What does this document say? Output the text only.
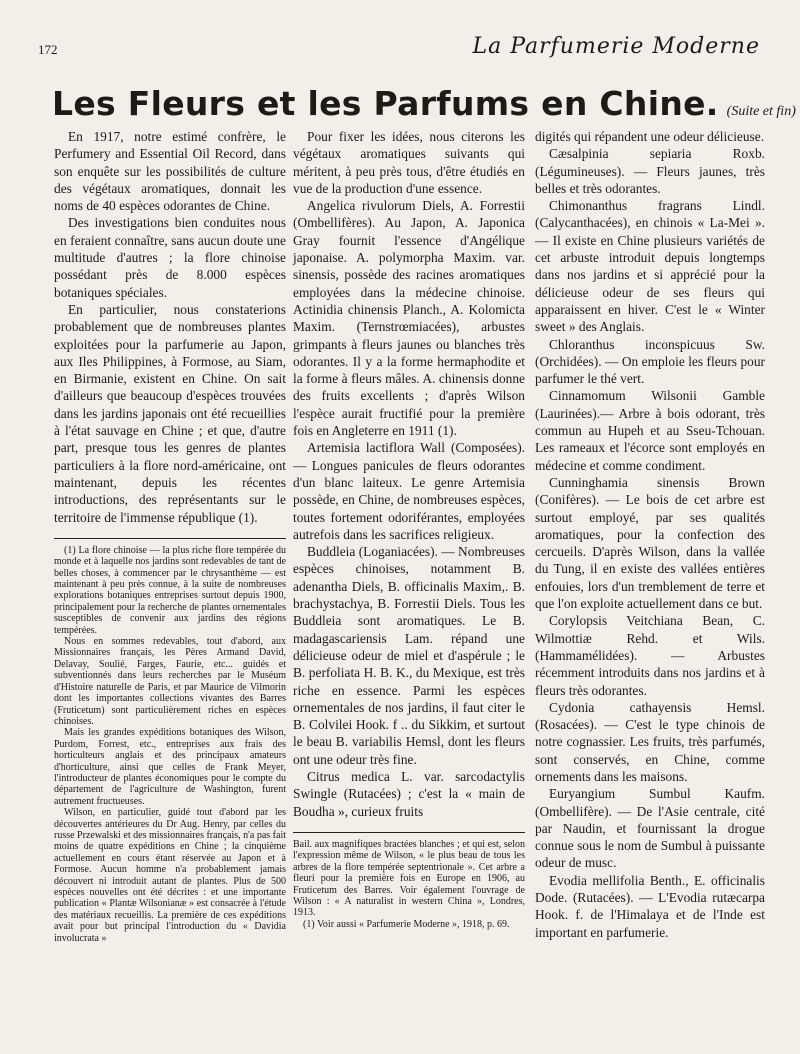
172	La Parfumerie Moderne
Les Fleurs et les Parfums en Chine. (Suite et fin)

En 1917, notre estimé confrère, le Perfumery and Essential Oil Record, dans son enquête sur les possibilités de culture des végétaux aromatiques, donnait les noms de 40 espèces odorantes de Chine.

Des investigations bien conduites nous en feraient connaître, sans aucun doute une multitude d'autres ; la flore chinoise possédant près de 8.000 espèces botaniques spéciales.

En particulier, nous constaterions probablement que de nombreuses plantes exploitées pour la parfumerie au Japon, aux Iles Philippines, à Formose, au Siam, en Birmanie, existent en Chine. On sait d'ailleurs que beaucoup d'espèces trouvées dans les jardins japonais ont été recueillies à l'état sauvage en Chine ; et que, d'autre part, presque tous les genres de plantes particuliers à la flore nord-américaine, ont maintenant, depuis les récentes introductions, des représentants sur le territoire de l'immense république (1).

(1) La flore chinoise — la plus riche flore tempérée du monde et à laquelle nos jardins sont redevables de tant de belles choses, à commencer par le chrysanthème — est maintenant à peu près connue, à la suite de nombreuses explorations botaniques entreprises surtout depuis 1900, principalement pour la recherche de plantes ornementales susceptibles de convenir aux jardins des régions tempérées.

Nous en sommes redevables, tout d'abord, aux Missionnaires français, les Pères Armand David, Delavay, Soulié, Farges, Faurie, etc... guidés et subventionnés dans leurs recherches par le Muséum d'Histoire naturelle de Paris, et par Maurice de Vilmorin dont les importantes collections vivantes des Barres (Fruticetum) sont particulièrement riches en espèces chinoises.

Mais les grandes expéditions botaniques des Wilson, Purdom, Forrest, etc., entreprises aux frais des horticulteurs anglais et des principaux amateurs d'horticulture, ainsi que celles de Frank Meyer, l'introducteur de plantes économiques pour le compte du département de l'agriculture de Washington, furent autrement fructueuses.

Wilson, en particulier, guidé tout d'abord par les découvertes antérieures du Dr Aug. Henry, par celles du russe Przewalski et des missionnaires français, n'a pas fait moins de quatre expéditions en Chine ; la cinquième actuellement en cours étant réservée au Japon et à Formose. Aucun homme n'a probablement jamais découvert ni introduit autant de plantes. Plus de 500 espèces nouvelles ont été décrites : et une importante publication « Plantæ Wilsonianæ » est consacrée à l'étude des matériaux recueillis. La première de ces expéditions avait pour but principal l'introduction du « Davidia involucrata »

Pour fixer les idées, nous citerons les végétaux aromatiques suivants qui méritent, à peu près tous, d'être étudiés en vue de la production d'une essence.

Angelica rivulorum Diels, A. Forrestii (Ombellifères). Au Japon, A. Japonica Gray fournit l'essence d'Angélique japonaise. A. polymorpha Maxim. var. sinensis, possède des racines aromatiques employées dans la médecine chinoise. Actinidia chinensis Planch., A. Kolomicta Maxim. (Ternstrœmiacées), arbustes grimpants à fleurs jaunes ou blanches très odorantes. Il y a la forme hermaphodite et la forme à fleurs mâles. A. chinensis donne des fruits excellents ; d'après Wilson l'espèce aurait fructifié pour la première fois en Angleterre en 1911 (1).

Artemisia lactiflora Wall (Composées). — Longues panicules de fleurs odorantes d'un blanc laiteux. Le genre Artemisia possède, en Chine, de nombreuses espèces, toutes fortement odoriférantes, employées autrefois dans les sacrifices religieux.

Buddleia (Loganiacées). — Nombreuses espèces chinoises, notamment B. adenantha Diels, B. officinalis Maxim,. B. brachystachya, B. Forrestii Diels. Tous les Buddleia sont aromatiques. Le B. madagascariensis Lam. répand une délicieuse odeur de miel et d'aspérule ; le B. perfoliata H. B. K., du Mexique, est très riche en essence. Parmi les espèces ornementales de nos jardins, il faut citer le B. Colvilei Hook. f .. du Sikkim, et surtout le beau B. variabilis Hemsl, dont les fleurs ont une odeur très fine.

Citrus medica L. var. sarcodactylis Swingle (Rutacées) ; c'est la « main de Boudha », curieux fruits

Bail. aux magnifiques bractées blanches ; et qui est, selon l'expression même de Wilson, « le plus beau de tous les arbres de la flore tempérée septentrionale ». Cet arbre a fleuri pour la première fois en Europe en 1906, au Fruticetum des Barres. Voir également l'ouvrage de Wilson : « A naturalist in western China », Londres, 1913.

(1) Voir aussi « Parfumerie Moderne », 1918, p. 69.

digités qui répandent une odeur délicieuse.

Cæsalpinia sepiaria Roxb. (Légumineuses). — Fleurs jaunes, très belles et très odorantes.

Chimonanthus fragrans Lindl. (Calycanthacées), en chinois « La-Mei ».— Il existe en Chine plusieurs variétés de cet arbuste introduit depuis longtemps dans nos jardins et si apprécié pour la délicieuse odeur de ses fleurs qui apparaissent en hiver. C'est le « Winter sweet » des Anglais.

Chloranthus inconspicuus Sw. (Orchidées). — On emploie les fleurs pour parfumer le thé vert.

Cinnamomum Wilsonii Gamble (Laurinées).— Arbre à bois odorant, très commun au Hupeh et au Sseu-Tchouan. Les rameaux et l'écorce sont employés en médecine et comme condiment.

Cunninghamia sinensis Brown (Conifères). — Le bois de cet arbre est surtout employé, par ses qualités aromatiques, pour la confection des cercueils. D'après Wilson, dans la vallée du Tung, il en existe des vallées entières enfouies, lors d'un tremblement de terre et que l'on exploite actuellement dans ce but.

Corylopsis Veitchiana Bean, C. Wilmottiæ Rehd. et Wils. (Hammamélidées). — Arbustes récemment introduits dans nos jardins et à fleurs très odorantes.

Cydonia cathayensis Hemsl. (Rosacées). — C'est le type chinois de notre cognassier. Les fruits, très parfumés, sont conservés, en Chine, comme ornements dans les maisons.

Euryangium Sumbul Kaufm. (Ombellifère). — De l'Asie centrale, cité par Naudin, et fournissant la drogue connue sous le nom de Sumbul à puissante odeur de musc.

Evodia mellifolia Benth., E. officinalis Dode. (Rutacées). — L'Evodia rutæcarpa Hook. f. de l'Himalaya et de l'Inde est important en parfumerie.
